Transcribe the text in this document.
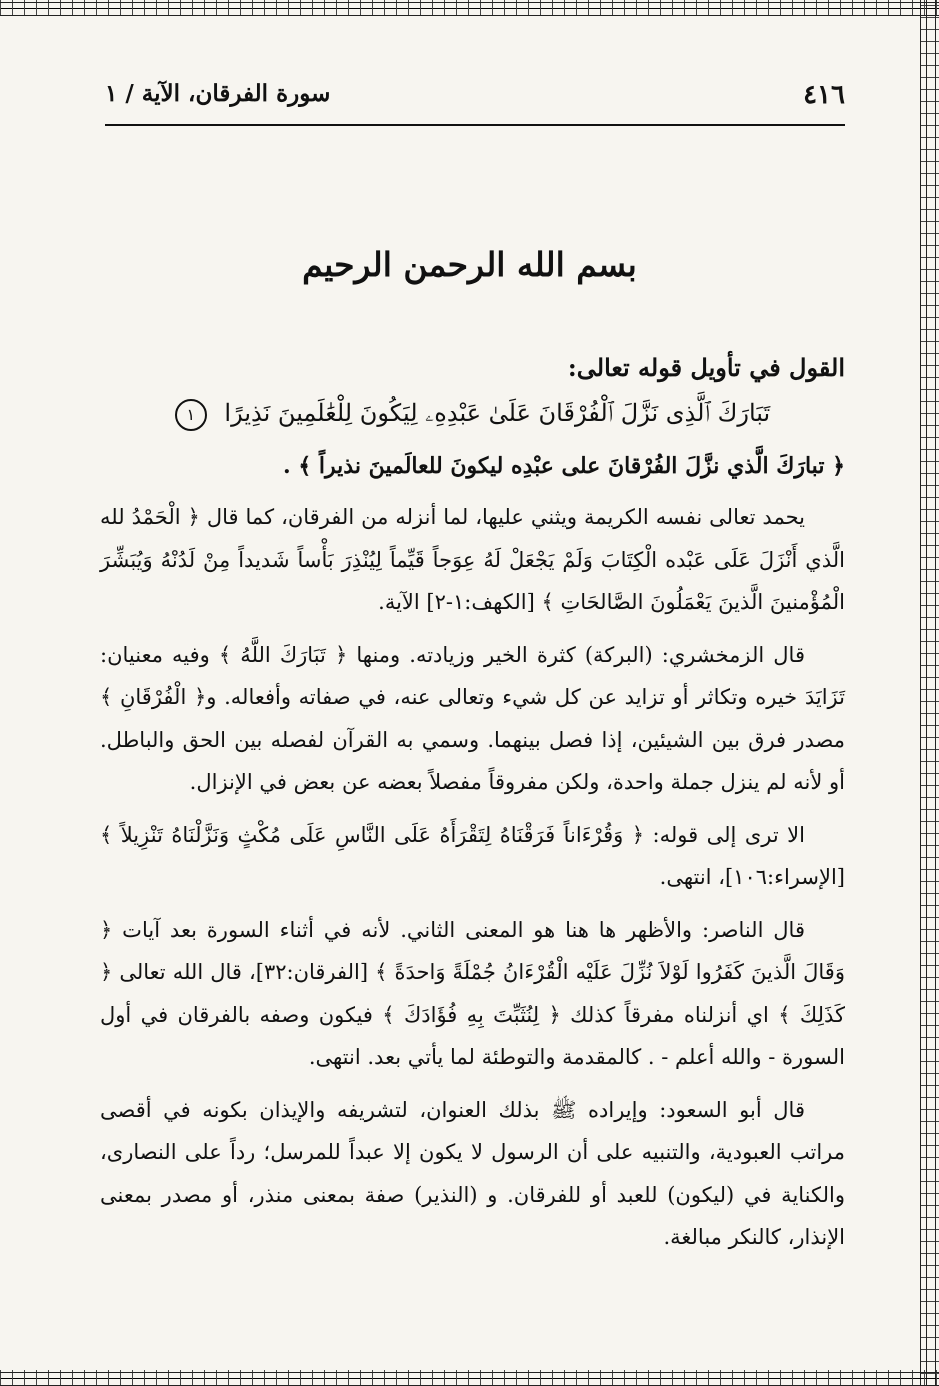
سورة الفرقان، الآية / ١	٤١٦
بسم الله الرحمن الرحيم

القول في تأويل قوله تعالى:

تَبَارَكَ ٱلَّذِى نَزَّلَ ٱلْفُرْقَانَ عَلَىٰ عَبْدِهِۦ لِيَكُونَ لِلْعَٰلَمِينَ نَذِيرًا ١

﴿ تبارَكَ الَّذي نزَّلَ الفُرْقانَ على عبْدِه ليكونَ للعالَمينَ نذيراً ﴾ .

يحمد تعالى نفسه الكريمة ويثني عليها، لما أنزله من الفرقان، كما قال ﴿ الْحَمْدُ لله الَّذي أَنْزَلَ عَلَى عَبْده الْكِتَابَ وَلَمْ يَجْعَلْ لَهُ عِوَجاً قَيِّماً لِيُنْذِرَ بَأْساً شَديداً مِنْ لَدُنْهُ وَيُبَشِّرَ الْمُؤْمنينَ الَّذينَ يَعْمَلُونَ الصَّالحَاتِ ﴾ [الكهف:١-٢] الآية.

قال الزمخشري: (البركة) كثرة الخير وزيادته. ومنها ﴿ تَبَارَكَ اللَّهُ ﴾ وفيه معنيان: تَزَايَدَ خيره وتكاثر أو تزايد عن كل شيء وتعالى عنه، في صفاته وأفعاله. و﴿ الْفُرْقَانِ ﴾ مصدر فرق بين الشيئين، إذا فصل بينهما. وسمي به القرآن لفصله بين الحق والباطل. أو لأنه لم ينزل جملة واحدة، ولكن مفروقاً مفصلاً بعضه عن بعض في الإنزال.

الا ترى إلى قوله: ﴿ وَقُرْءَاناً فَرَقْنَاهُ لِتَقْرَأَهُ عَلَى النَّاسِ عَلَى مُكْثٍ وَنَزَّلْنَاهُ تَنْزِيلاً ﴾ [الإسراء:١٠٦]، انتهى.

قال الناصر: والأظهر ها هنا هو المعنى الثاني. لأنه في أثناء السورة بعد آيات ﴿ وَقَالَ الَّذينَ كَفَرُوا لَوْلاَ نُزِّلَ عَلَيْه الْقُرْءَانُ جُمْلَةً وَاحدَةً ﴾ [الفرقان:٣٢]، قال الله تعالى ﴿ كَذَلِكَ ﴾ اي أنزلناه مفرقاً كذلك ﴿ لِنُثَبِّتَ بِهِ فُؤَادَكَ ﴾ فيكون وصفه بالفرقان في أول السورة - والله أعلم - . كالمقدمة والتوطئة لما يأتي بعد. انتهى.

قال أبو السعود: وإيراده ﷺ بذلك العنوان، لتشريفه والإيذان بكونه في أقصى مراتب العبودية، والتنبيه على أن الرسول لا يكون إلا عبداً للمرسل؛ رداً على النصارى، والكناية في (ليكون) للعبد أو للفرقان. و (النذير) صفة بمعنى منذر، أو مصدر بمعنى الإنذار، كالنكر مبالغة.
